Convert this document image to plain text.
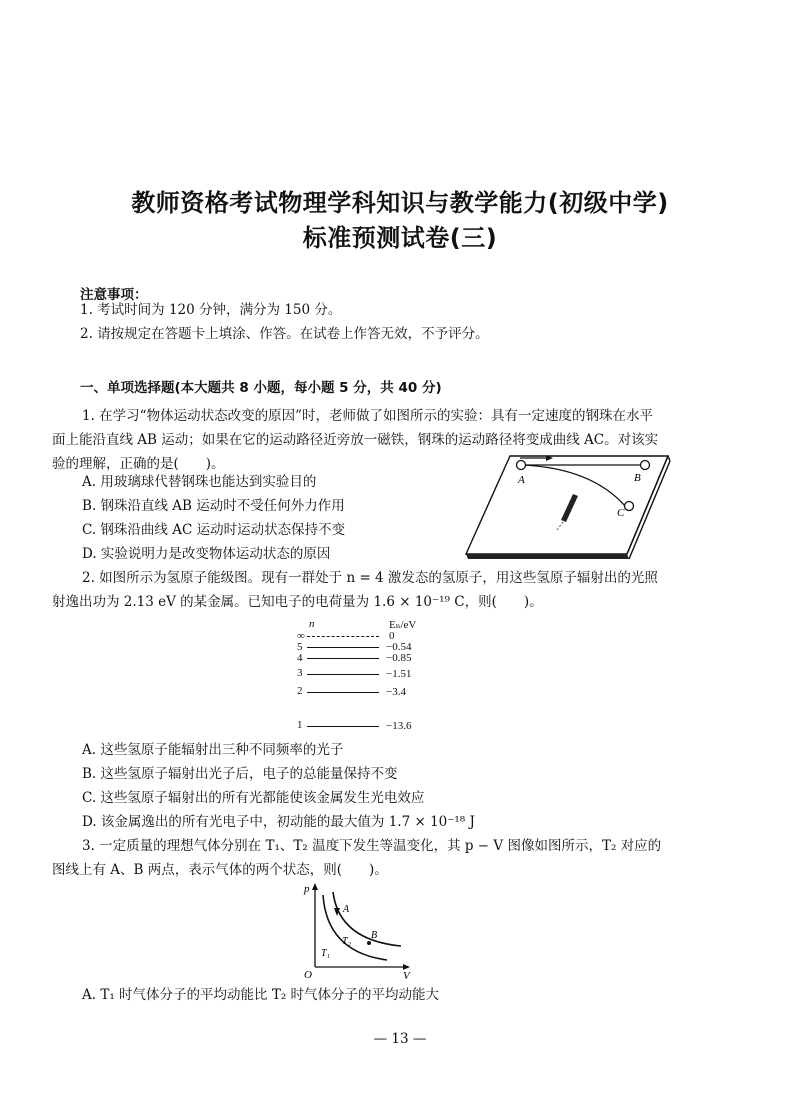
教师资格考试物理学科知识与教学能力(初级中学)
标准预测试卷(三)
注意事项：
1. 考试时间为 120 分钟，满分为 150 分。
2. 请按规定在答题卡上填涂、作答。在试卷上作答无效，不予评分。
一、单项选择题(本大题共 8 小题，每小题 5 分，共 40 分)
1. 在学习“物体运动状态改变的原因”时，老师做了如图所示的实验：具有一定速度的钢珠在水平面上能沿直线 AB 运动；如果在它的运动路径近旁放一磁铁，钢珠的运动路径将变成曲线 AC。对该实验的理解，正确的是(　　)。
A. 用玻璃球代替钢珠也能达到实验目的
B. 钢珠沿直线 AB 运动时不受任何外力作用
C. 钢珠沿曲线 AC 运动时运动状态保持不变
D. 实验说明力是改变物体运动状态的原因
A	B
C
2. 如图所示为氢原子能级图。现有一群处于 n = 4 激发态的氢原子，用这些氢原子辐射出的光照射逸出功为 2.13 eV 的某金属。已知电子的电荷量为 1.6 × 10⁻¹⁹ C，则(　　)。
n	Eₙ/eV
∞	0
5	−0.54
4	−0.85
3	−1.51
2	−3.4
1	−13.6
A. 这些氢原子能辐射出三种不同频率的光子
B. 这些氢原子辐射出光子后，电子的总能量保持不变
C. 这些氢原子辐射出的所有光都能使该金属发生光电效应
D. 该金属逸出的所有光电子中，初动能的最大值为 1.7 × 10⁻¹⁸ J
3. 一定质量的理想气体分别在 T₁、T₂ 温度下发生等温变化，其 p − V 图像如图所示，T₂ 对应的图线上有 A、B 两点，表示气体的两个状态，则(　　)。
p
V
O
A
B
T₂
T₁
A. T₁ 时气体分子的平均动能比 T₂ 时气体分子的平均动能大
— 13 —
